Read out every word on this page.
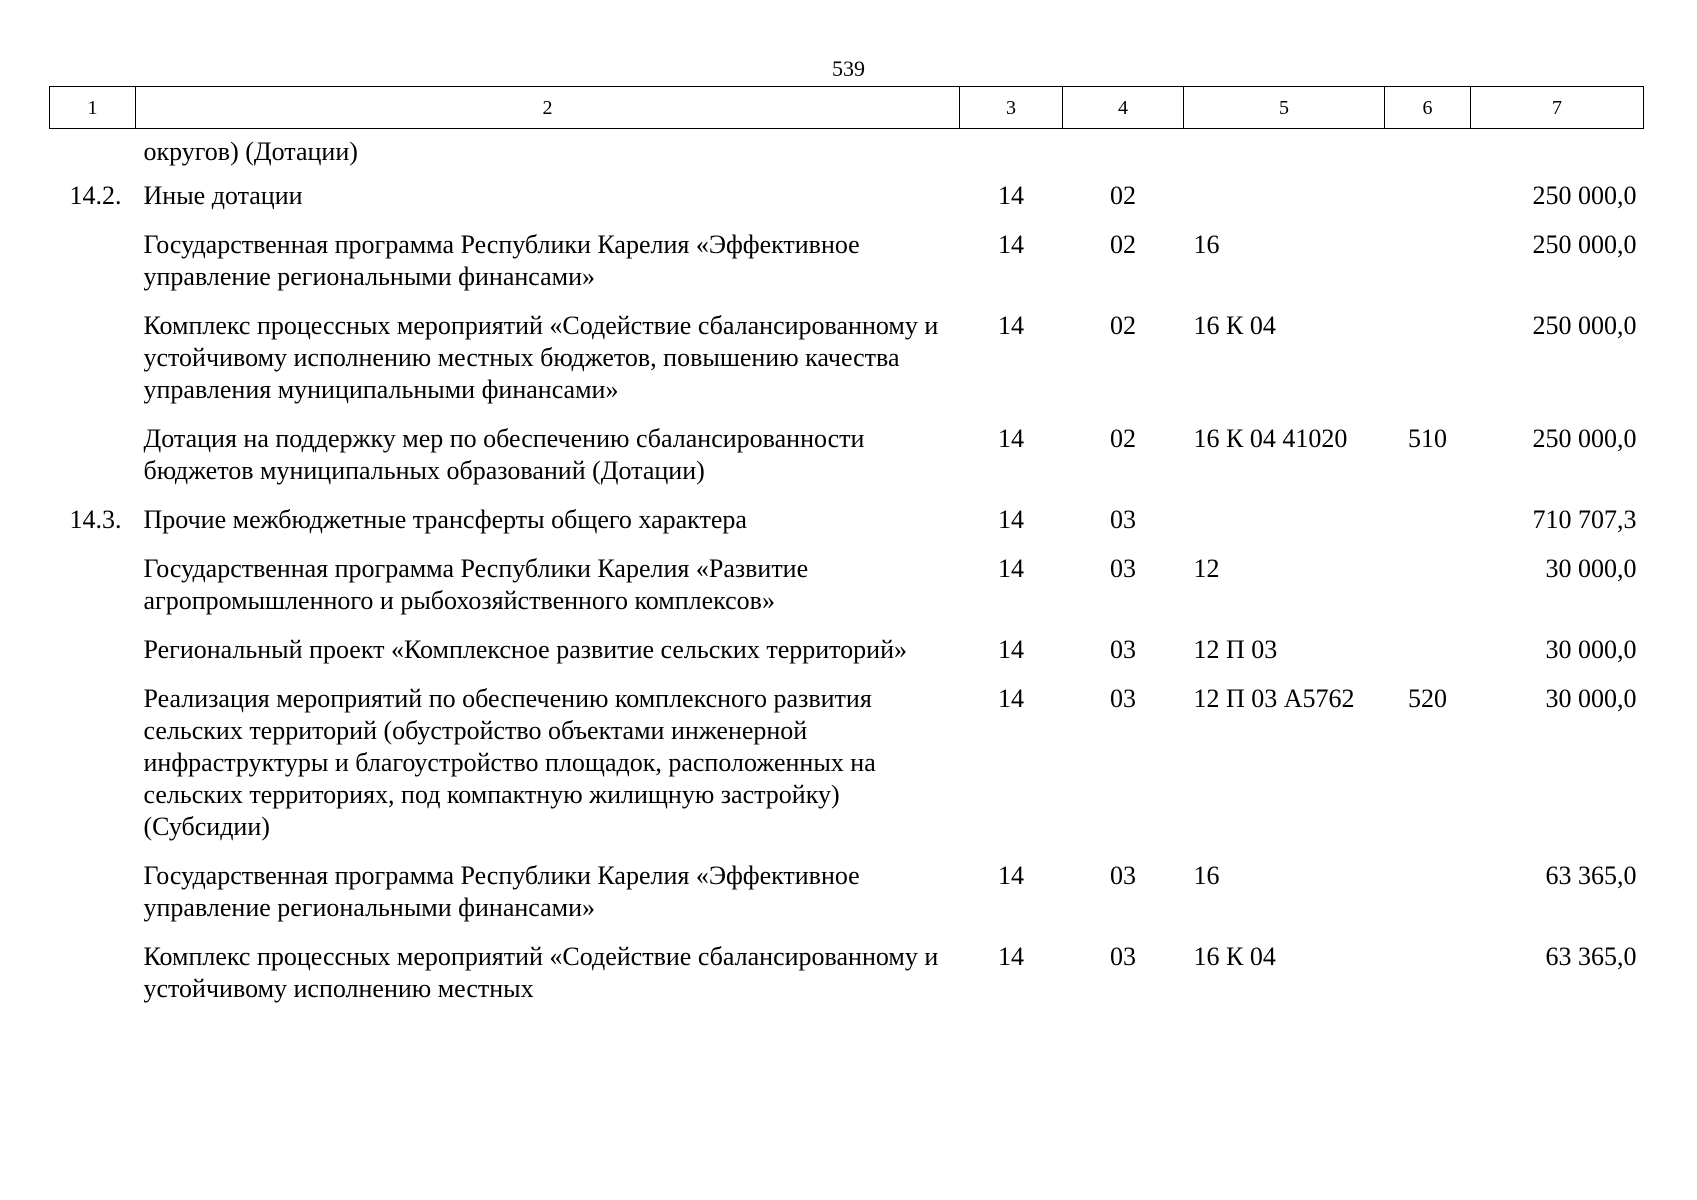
539
1	2	3	4	5	6	7
	округов) (Дотации)					
14.2.	Иные дотации	14	02			250 000,0
	Государственная программа Республики Карелия «Эффективное управление региональными финансами»	14	02	16		250 000,0
	Комплекс процессных мероприятий «Содействие сбалансированному и устойчивому исполнению местных бюджетов, повышению качества управления муниципальными финансами»	14	02	16 К 04		250 000,0
	Дотация на поддержку мер по обеспечению сбалансированности бюджетов муниципальных образований (Дотации)	14	02	16 К 04 41020	510	250 000,0
14.3.	Прочие межбюджетные трансферты общего характера	14	03			710 707,3
	Государственная программа Республики Карелия «Развитие агропромышленного и рыбохозяйственного комплексов»	14	03	12		30 000,0
	Региональный проект «Комплексное развитие сельских территорий»	14	03	12 П 03		30 000,0
	Реализация мероприятий по обеспечению комплексного развития сельских территорий (обустройство объектами инженерной инфраструктуры и благоустройство площадок, расположенных на сельских территориях, под компактную жилищную застройку) (Субсидии)	14	03	12 П 03 А5762	520	30 000,0
	Государственная программа Республики Карелия «Эффективное управление региональными финансами»	14	03	16		63 365,0
	Комплекс процессных мероприятий «Содействие сбалансированному и устойчивому исполнению местных	14	03	16 К 04		63 365,0
